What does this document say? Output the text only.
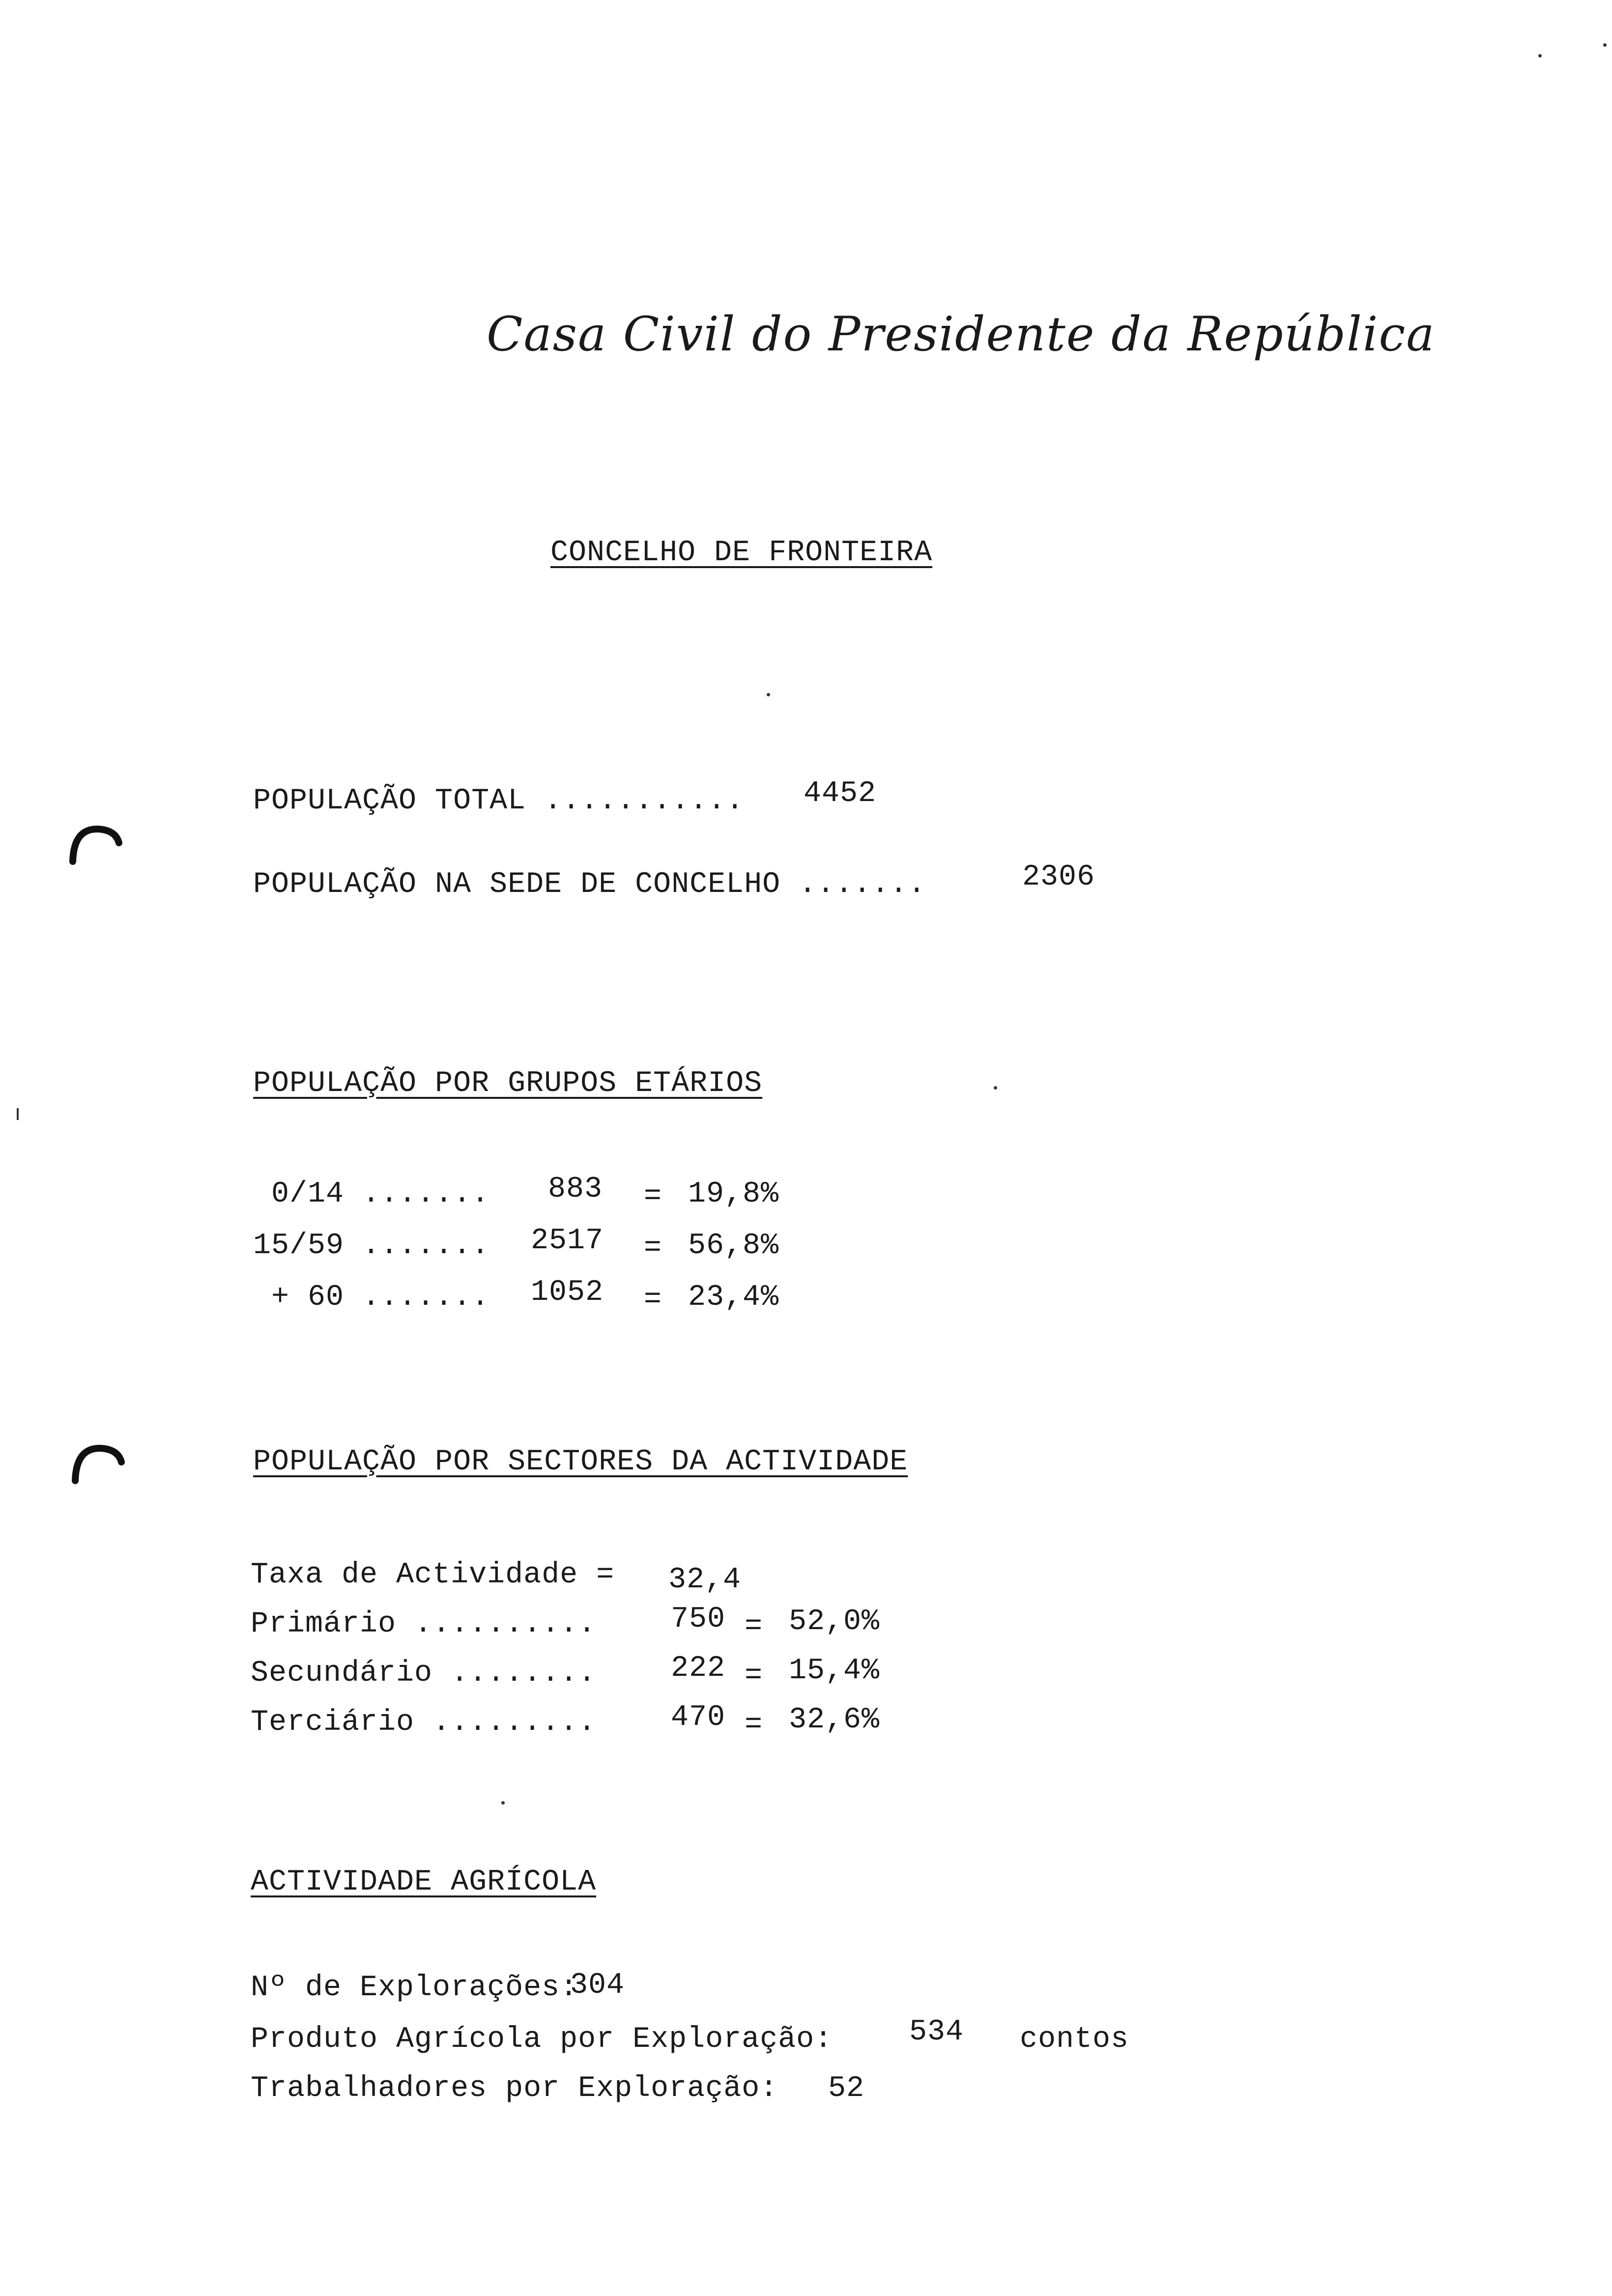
Casa Civil do Presidente da República
CONCELHO DE FRONTEIRA
POPULAÇÃO TOTAL ........... 4452
POPULAÇÃO NA SEDE DE CONCELHO .......	2306
POPULAÇÃO POR GRUPOS ETÁRIOS
0/14 ....... 883 = 19,8%
15/59 ....... 2517 = 56,8%
+ 60 ....... 1052 = 23,4%
POPULAÇÃO POR SECTORES DA ACTIVIDADE
Taxa de Actividade = 32,4
Primário ..........	750 = 52,0%
Secundário ........	222 = 15,4%
Terciário .........	470 = 32,6%
ACTIVIDADE AGRÍCOLA
Nº de Explorações:
304
Produto Agrícola por Exploração:	534 contos
Trabalhadores por Exploração: 52
